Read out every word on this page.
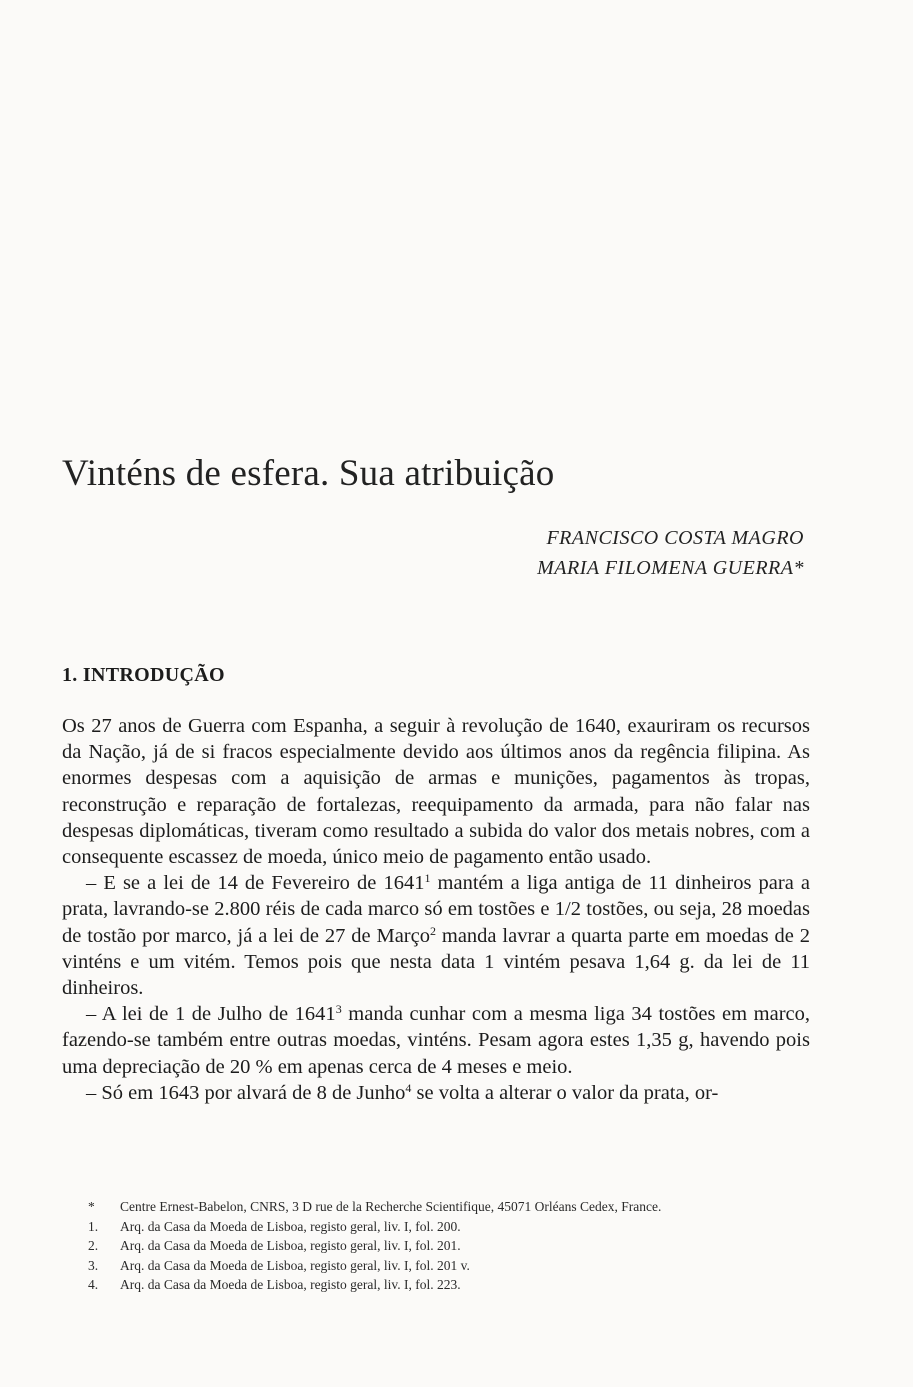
Vinténs de esfera. Sua atribuição
FRANCISCO COSTA MAGRO
MARIA FILOMENA GUERRA*
1. INTRODUÇÃO

Os 27 anos de Guerra com Espanha, a seguir à revolução de 1640, exauriram os recursos da Nação, já de si fracos especialmente devido aos últimos anos da regência filipina. As enormes despesas com a aquisição de armas e munições, pagamentos às tropas, reconstrução e reparação de fortalezas, reequipamento da armada, para não falar nas despesas diplomáticas, tiveram como resultado a subida do valor dos metais nobres, com a consequente escassez de moeda, único meio de pagamento então usado.

– E se a lei de 14 de Fevereiro de 1641$^1$ mantém a liga antiga de 11 dinheiros para a prata, lavrando-se 2.800 réis de cada marco só em tostões e 1/2 tostões, ou seja, 28 moedas de tostão por marco, já a lei de 27 de Março$^2$ manda lavrar a quarta parte em moedas de 2 vinténs e um vitém. Temos pois que nesta data 1 vintém pesava 1,64 g. da lei de 11 dinheiros.

– A lei de 1 de Julho de 1641$^3$ manda cunhar com a mesma liga 34 tostões em marco, fazendo-se também entre outras moedas, vinténs. Pesam agora estes 1,35 g, havendo pois uma depreciação de 20 % em apenas cerca de 4 meses e meio.

– Só em 1643 por alvará de 8 de Junho$^4$ se volta a alterar o valor da prata, or-

*	Centre Ernest-Babelon, CNRS, 3 D rue de la Recherche Scientifique, 45071 Orléans Cedex, France.
1.	Arq. da Casa da Moeda de Lisboa, registo geral, liv. I, fol. 200.
2.	Arq. da Casa da Moeda de Lisboa, registo geral, liv. I, fol. 201.
3.	Arq. da Casa da Moeda de Lisboa, registo geral, liv. I, fol. 201 v.
4.	Arq. da Casa da Moeda de Lisboa, registo geral, liv. I, fol. 223.
